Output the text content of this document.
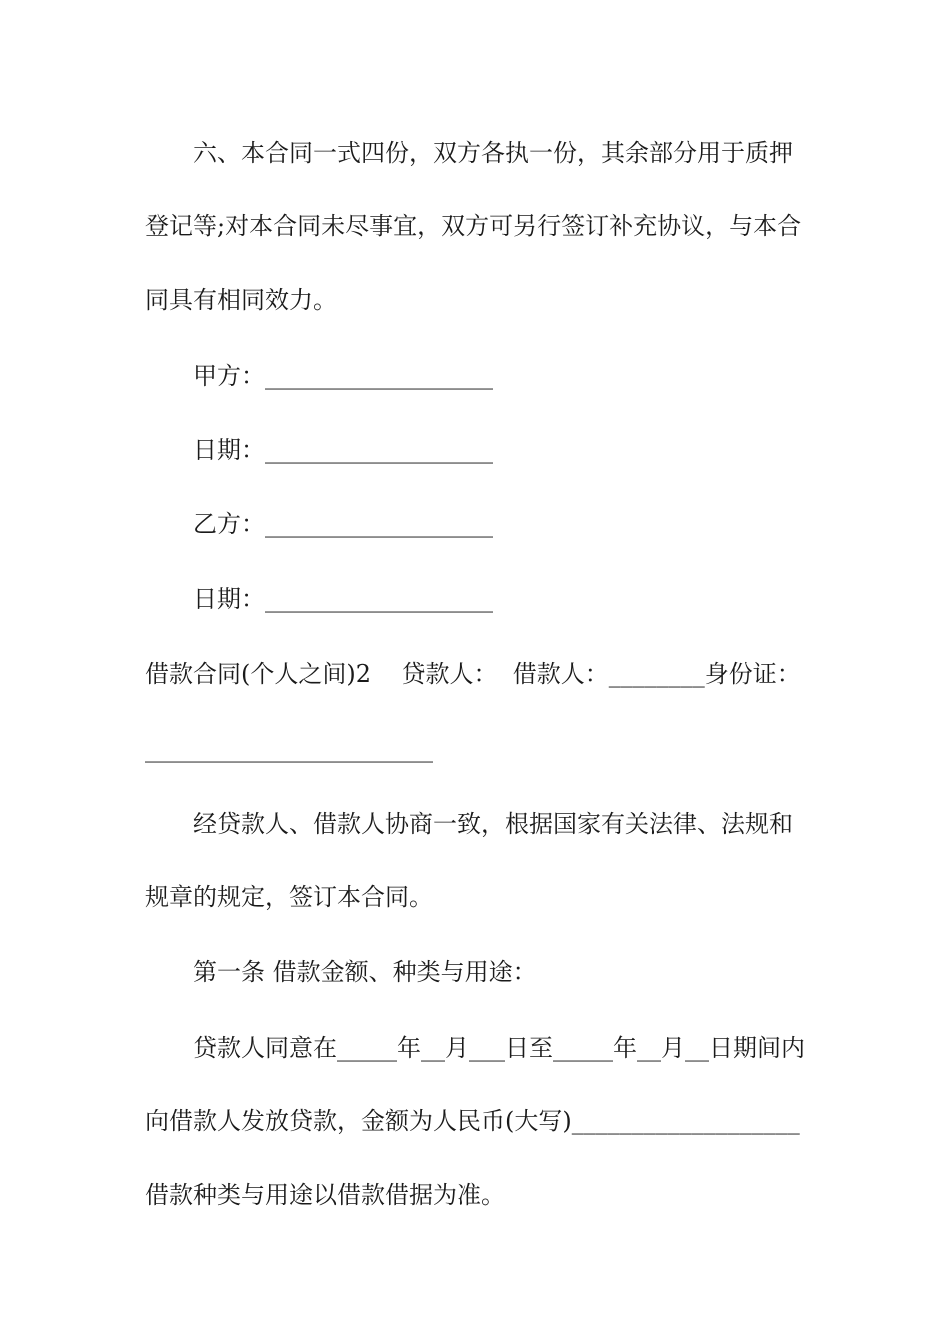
六、本合同一式四份，双方各执一份，其余部分用于质押
登记等;对本合同未尽事宜，双方可另行签订补充协议，与本合
同具有相同效力。
甲方：___________________
日期：___________________
乙方：___________________
日期：___________________
借款合同(个人之间)2    贷款人：  借款人：________身份证：
________________________
经贷款人、借款人协商一致，根据国家有关法律、法规和
规章的规定，签订本合同。
第一条 借款金额、种类与用途：
贷款人同意在_____年__月___日至_____年__月__日期间内
向借款人发放贷款，金额为人民币(大写)___________________
借款种类与用途以借款借据为准。
